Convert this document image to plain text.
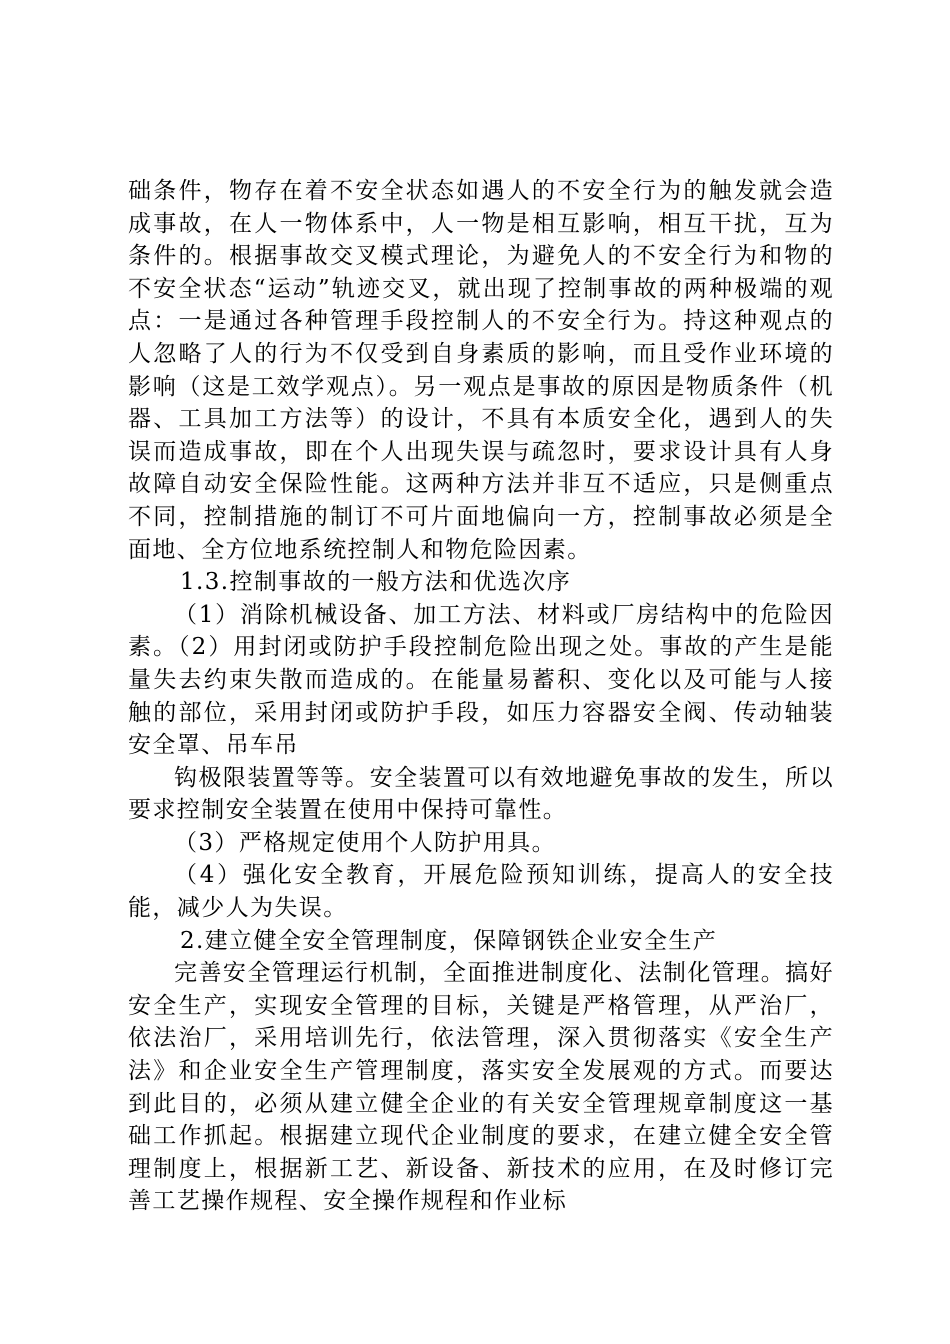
础条件，物存在着不安全状态如遇人的不安全行为的触发就会造成事故，在人一物体系中，人一物是相互影响，相互干扰，互为条件的。根据事故交叉模式理论，为避免人的不安全行为和物的不安全状态“运动”轨迹交叉，就出现了控制事故的两种极端的观点：一是通过各种管理手段控制人的不安全行为。持这种观点的人忽略了人的行为不仅受到自身素质的影响，而且受作业环境的影响（这是工效学观点）。另一观点是事故的原因是物质条件（机器、工具加工方法等）的设计，不具有本质安全化，遇到人的失误而造成事故，即在个人出现失误与疏忽时，要求设计具有人身故障自动安全保险性能。这两种方法并非互不适应，只是侧重点不同，控制措施的制订不可片面地偏向一方，控制事故必须是全面地、全方位地系统控制人和物危险因素。

1.3.控制事故的一般方法和优选次序

（1）消除机械设备、加工方法、材料或厂房结构中的危险因素。（2）用封闭或防护手段控制危险出现之处。事故的产生是能量失去约束失散而造成的。在能量易蓄积、变化以及可能与人接触的部位，采用封闭或防护手段，如压力容器安全阀、传动轴装安全罩、吊车吊

钩极限装置等等。安全装置可以有效地避免事故的发生，所以要求控制安全装置在使用中保持可靠性。

（3）严格规定使用个人防护用具。

（4）强化安全教育，开展危险预知训练，提高人的安全技能，减少人为失误。

2.建立健全安全管理制度，保障钢铁企业安全生产

完善安全管理运行机制，全面推进制度化、法制化管理。搞好安全生产，实现安全管理的目标，关键是严格管理，从严治厂，依法治厂，采用培训先行，依法管理，深入贯彻落实《安全生产法》和企业安全生产管理制度，落实安全发展观的方式。而要达到此目的，必须从建立健全企业的有关安全管理规章制度这一基础工作抓起。根据建立现代企业制度的要求，在建立健全安全管理制度上，根据新工艺、新设备、新技术的应用，在及时修订完善工艺操作规程、安全操作规程和作业标
